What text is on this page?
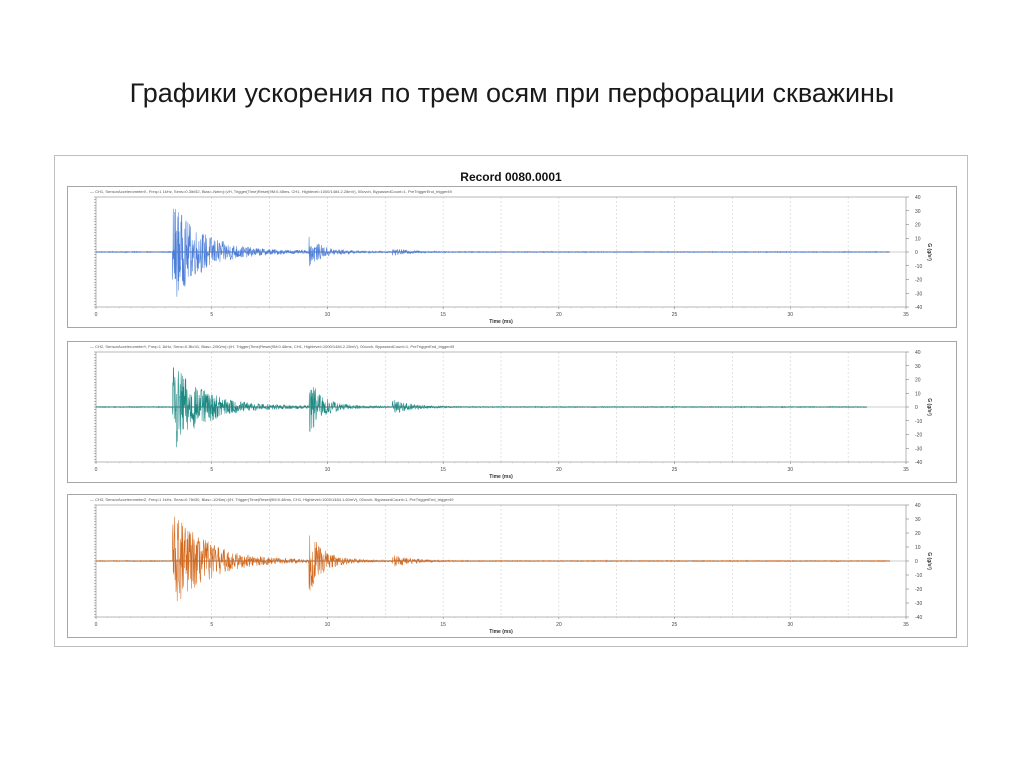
Графики ускорения по трем осям при перфорации скважины
Record 0080.0001
— CH1, SensorAccelerometerX, Freq=1 1kHz, Sens=0.3lb/52, Bias=-Neim(=)/H, Trigger(Time)Reset(9M:0.48ms, CH1, Highlevel=1000/1484.2.28mV), 00ovch, BypassedCount=1, PreTriggerEnd_trigger49
40
30
20
10
0
-10
-20
-30
-40
0	5	10	15	20	25	30	35
Time (ms)
G (g/s²)
— CH2, SensorAccelerometerY, Freq=1 1kHz, Sens=0.3lb/41, Bias=-2/50/m(=)/H, Trigger(Time)Reset(9M:0.48ms, CH1, Highlevel=1000/1484.2.28mV), 00ovch, BypassedCount=1, PreTriggerEnd_trigger49
40
30
20
10
0
-10
-20
-30
-40
0	5	10	15	20	25	30	35
Time (ms)
G (g/s²)
— CH3, SensorAccelerometerZ, Freq=1 1kHz, Sens=0.7lb/30, Bias=-10/6m(=)/H, Trigger(Time)Reset(9M:0.48ms, CH1, Highlevel=1000/1484.1.60mV), 00ovch, BypassedCount=1, PreTriggerEnd_trigger49
40
30
20
10
0
-10
-20
-30
-40
0	5	10	15	20	25	30	35
Time (ms)
G (g/s²)
